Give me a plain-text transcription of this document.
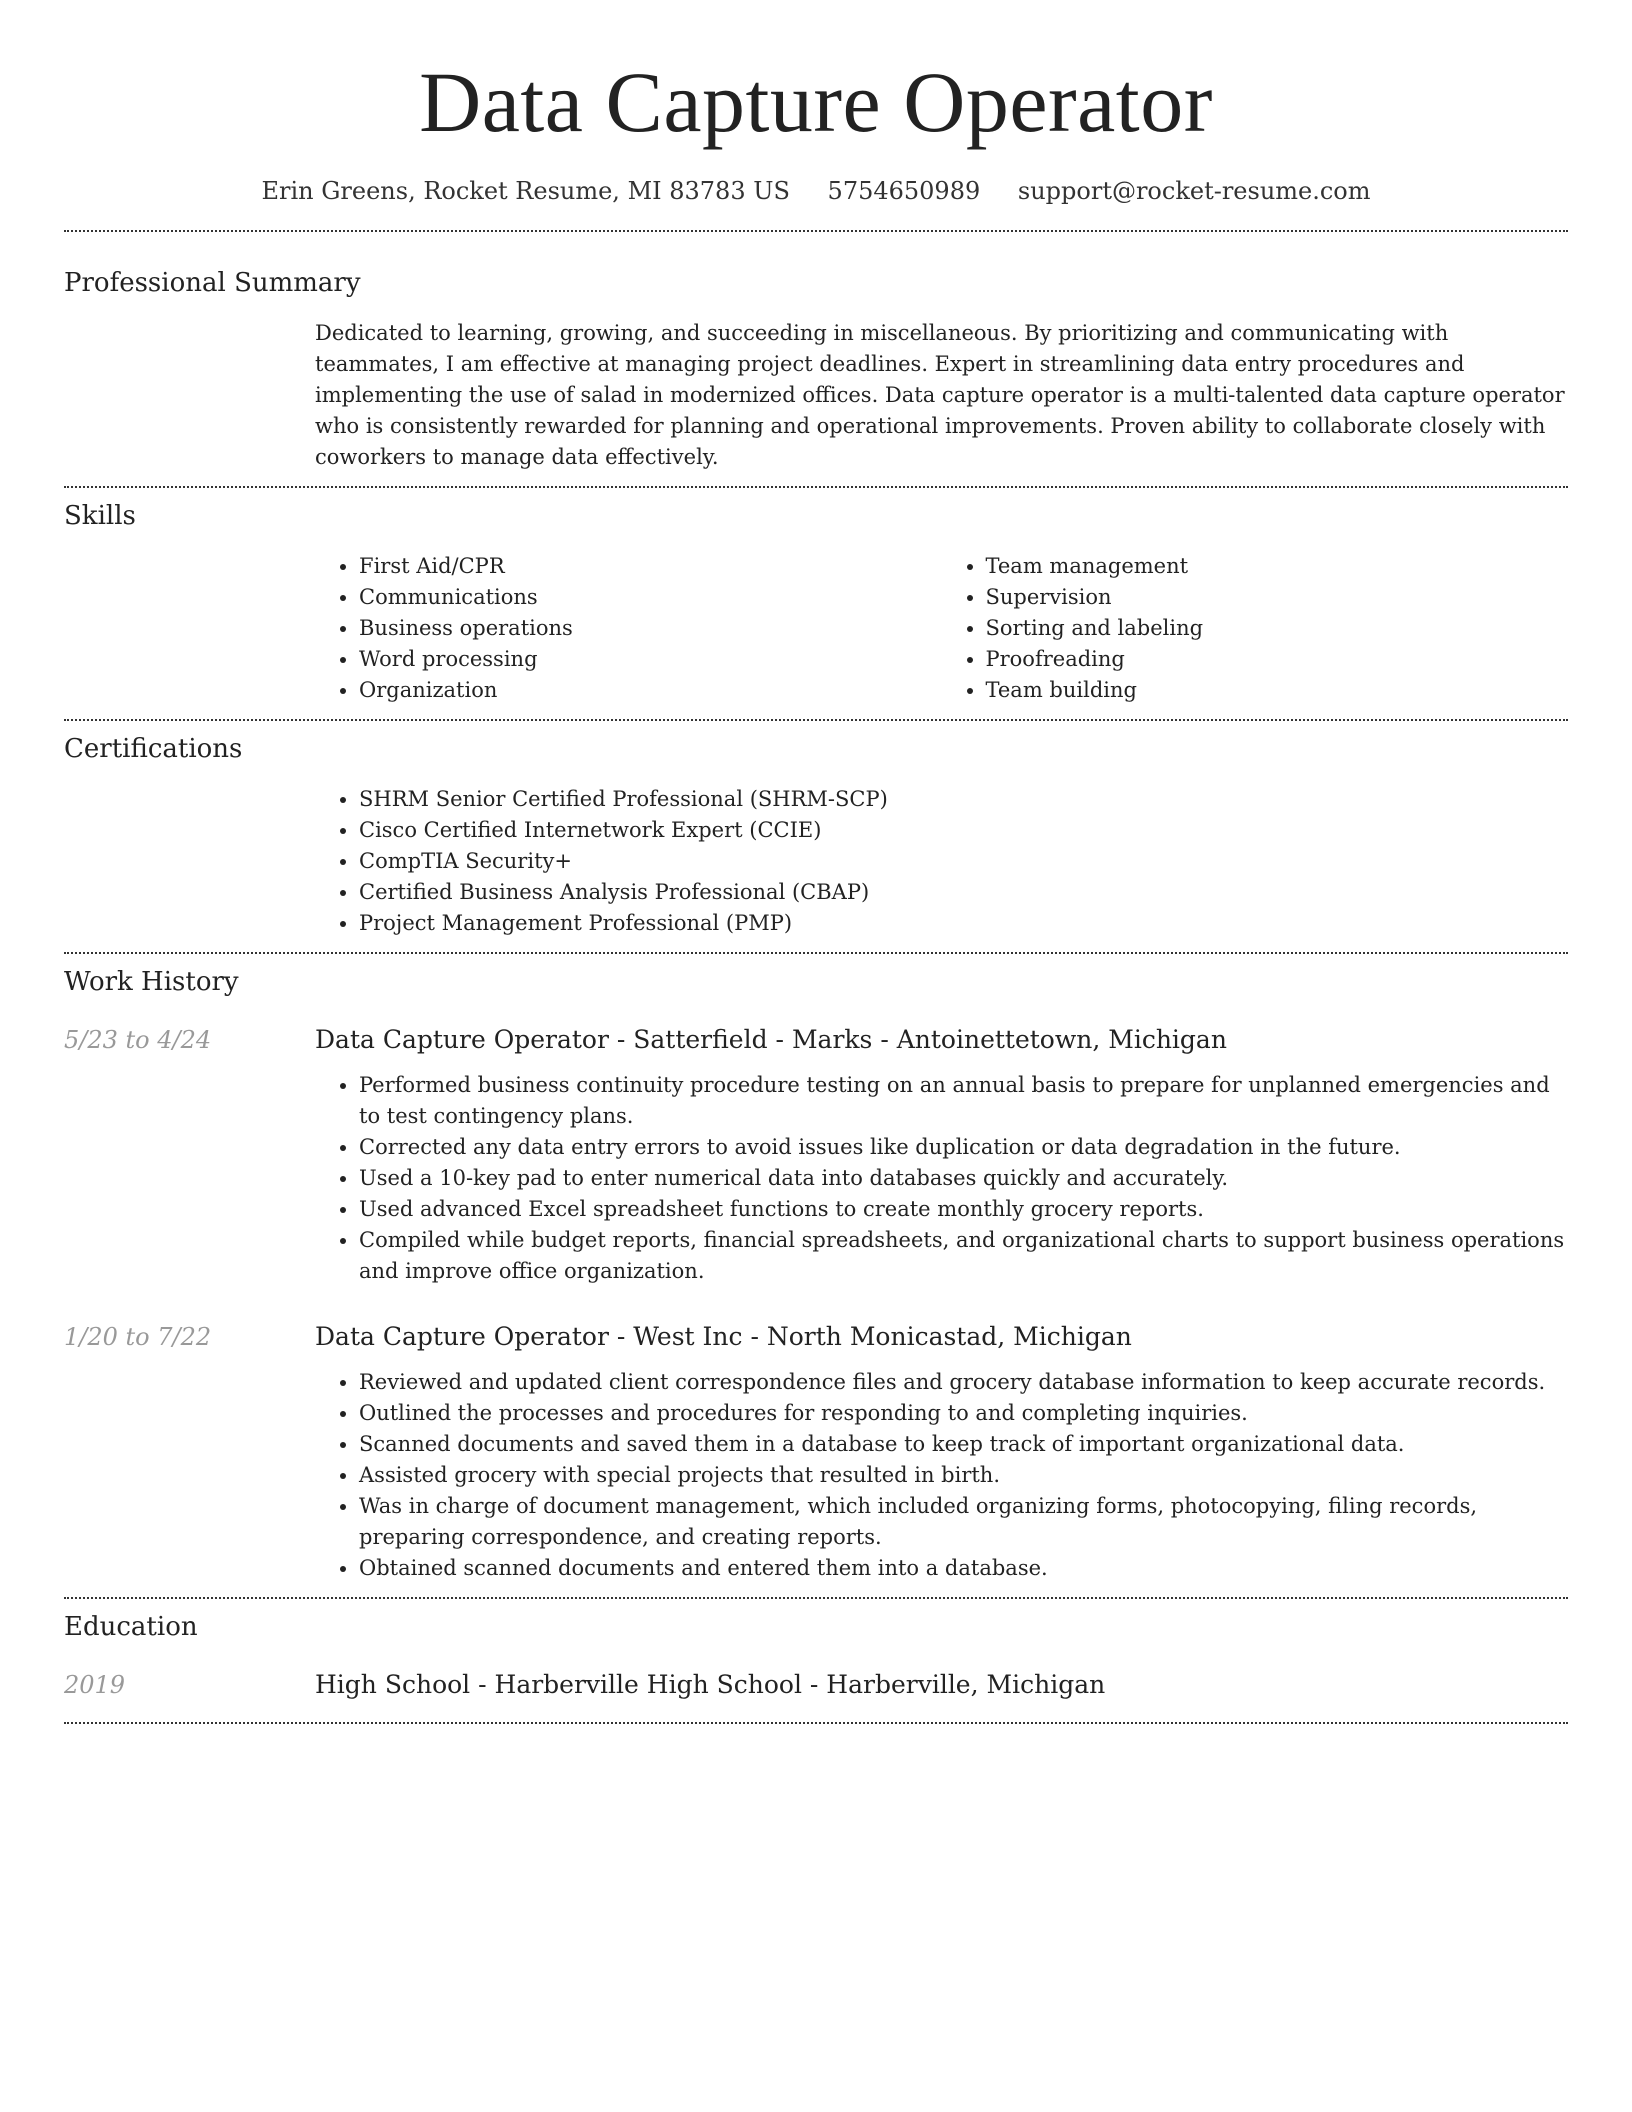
Data Capture Operator
Erin Greens, Rocket Resume, MI 83783 US 5754650989 support@rocket-resume.com
Professional Summary

Dedicated to learning, growing, and succeeding in miscellaneous. By prioritizing and communicating with teammates, I am effective at managing project deadlines. Expert in streamlining data entry procedures and implementing the use of salad in modernized offices. Data capture operator is a multi-talented data capture operator who is consistently rewarded for planning and operational improvements. Proven ability to collaborate closely with coworkers to manage data effectively.

Skills
• First Aid/CPR
• Communications
• Business operations
• Word processing
• Organization
• Team management
• Supervision
• Sorting and labeling
• Proofreading
• Team building
Certifications
• SHRM Senior Certified Professional (SHRM-SCP)
• Cisco Certified Internetwork Expert (CCIE)
• CompTIA Security+
• Certified Business Analysis Professional (CBAP)
• Project Management Professional (PMP)
Work History
5/23 to 4/24	Data Capture Operator - Satterfield - Marks - Antoinettetown, Michigan
• Performed business continuity procedure testing on an annual basis to prepare for unplanned emergencies and to test contingency plans.
• Corrected any data entry errors to avoid issues like duplication or data degradation in the future.
• Used a 10-key pad to enter numerical data into databases quickly and accurately.
• Used advanced Excel spreadsheet functions to create monthly grocery reports.
• Compiled while budget reports, financial spreadsheets, and organizational charts to support business operations and improve office organization.
1/20 to 7/22	Data Capture Operator - West Inc - North Monicastad, Michigan
• Reviewed and updated client correspondence files and grocery database information to keep accurate records.
• Outlined the processes and procedures for responding to and completing inquiries.
• Scanned documents and saved them in a database to keep track of important organizational data.
• Assisted grocery with special projects that resulted in birth.
• Was in charge of document management, which included organizing forms, photocopying, filing records, preparing correspondence, and creating reports.
• Obtained scanned documents and entered them into a database.
Education
2019	High School - Harberville High School - Harberville, Michigan
